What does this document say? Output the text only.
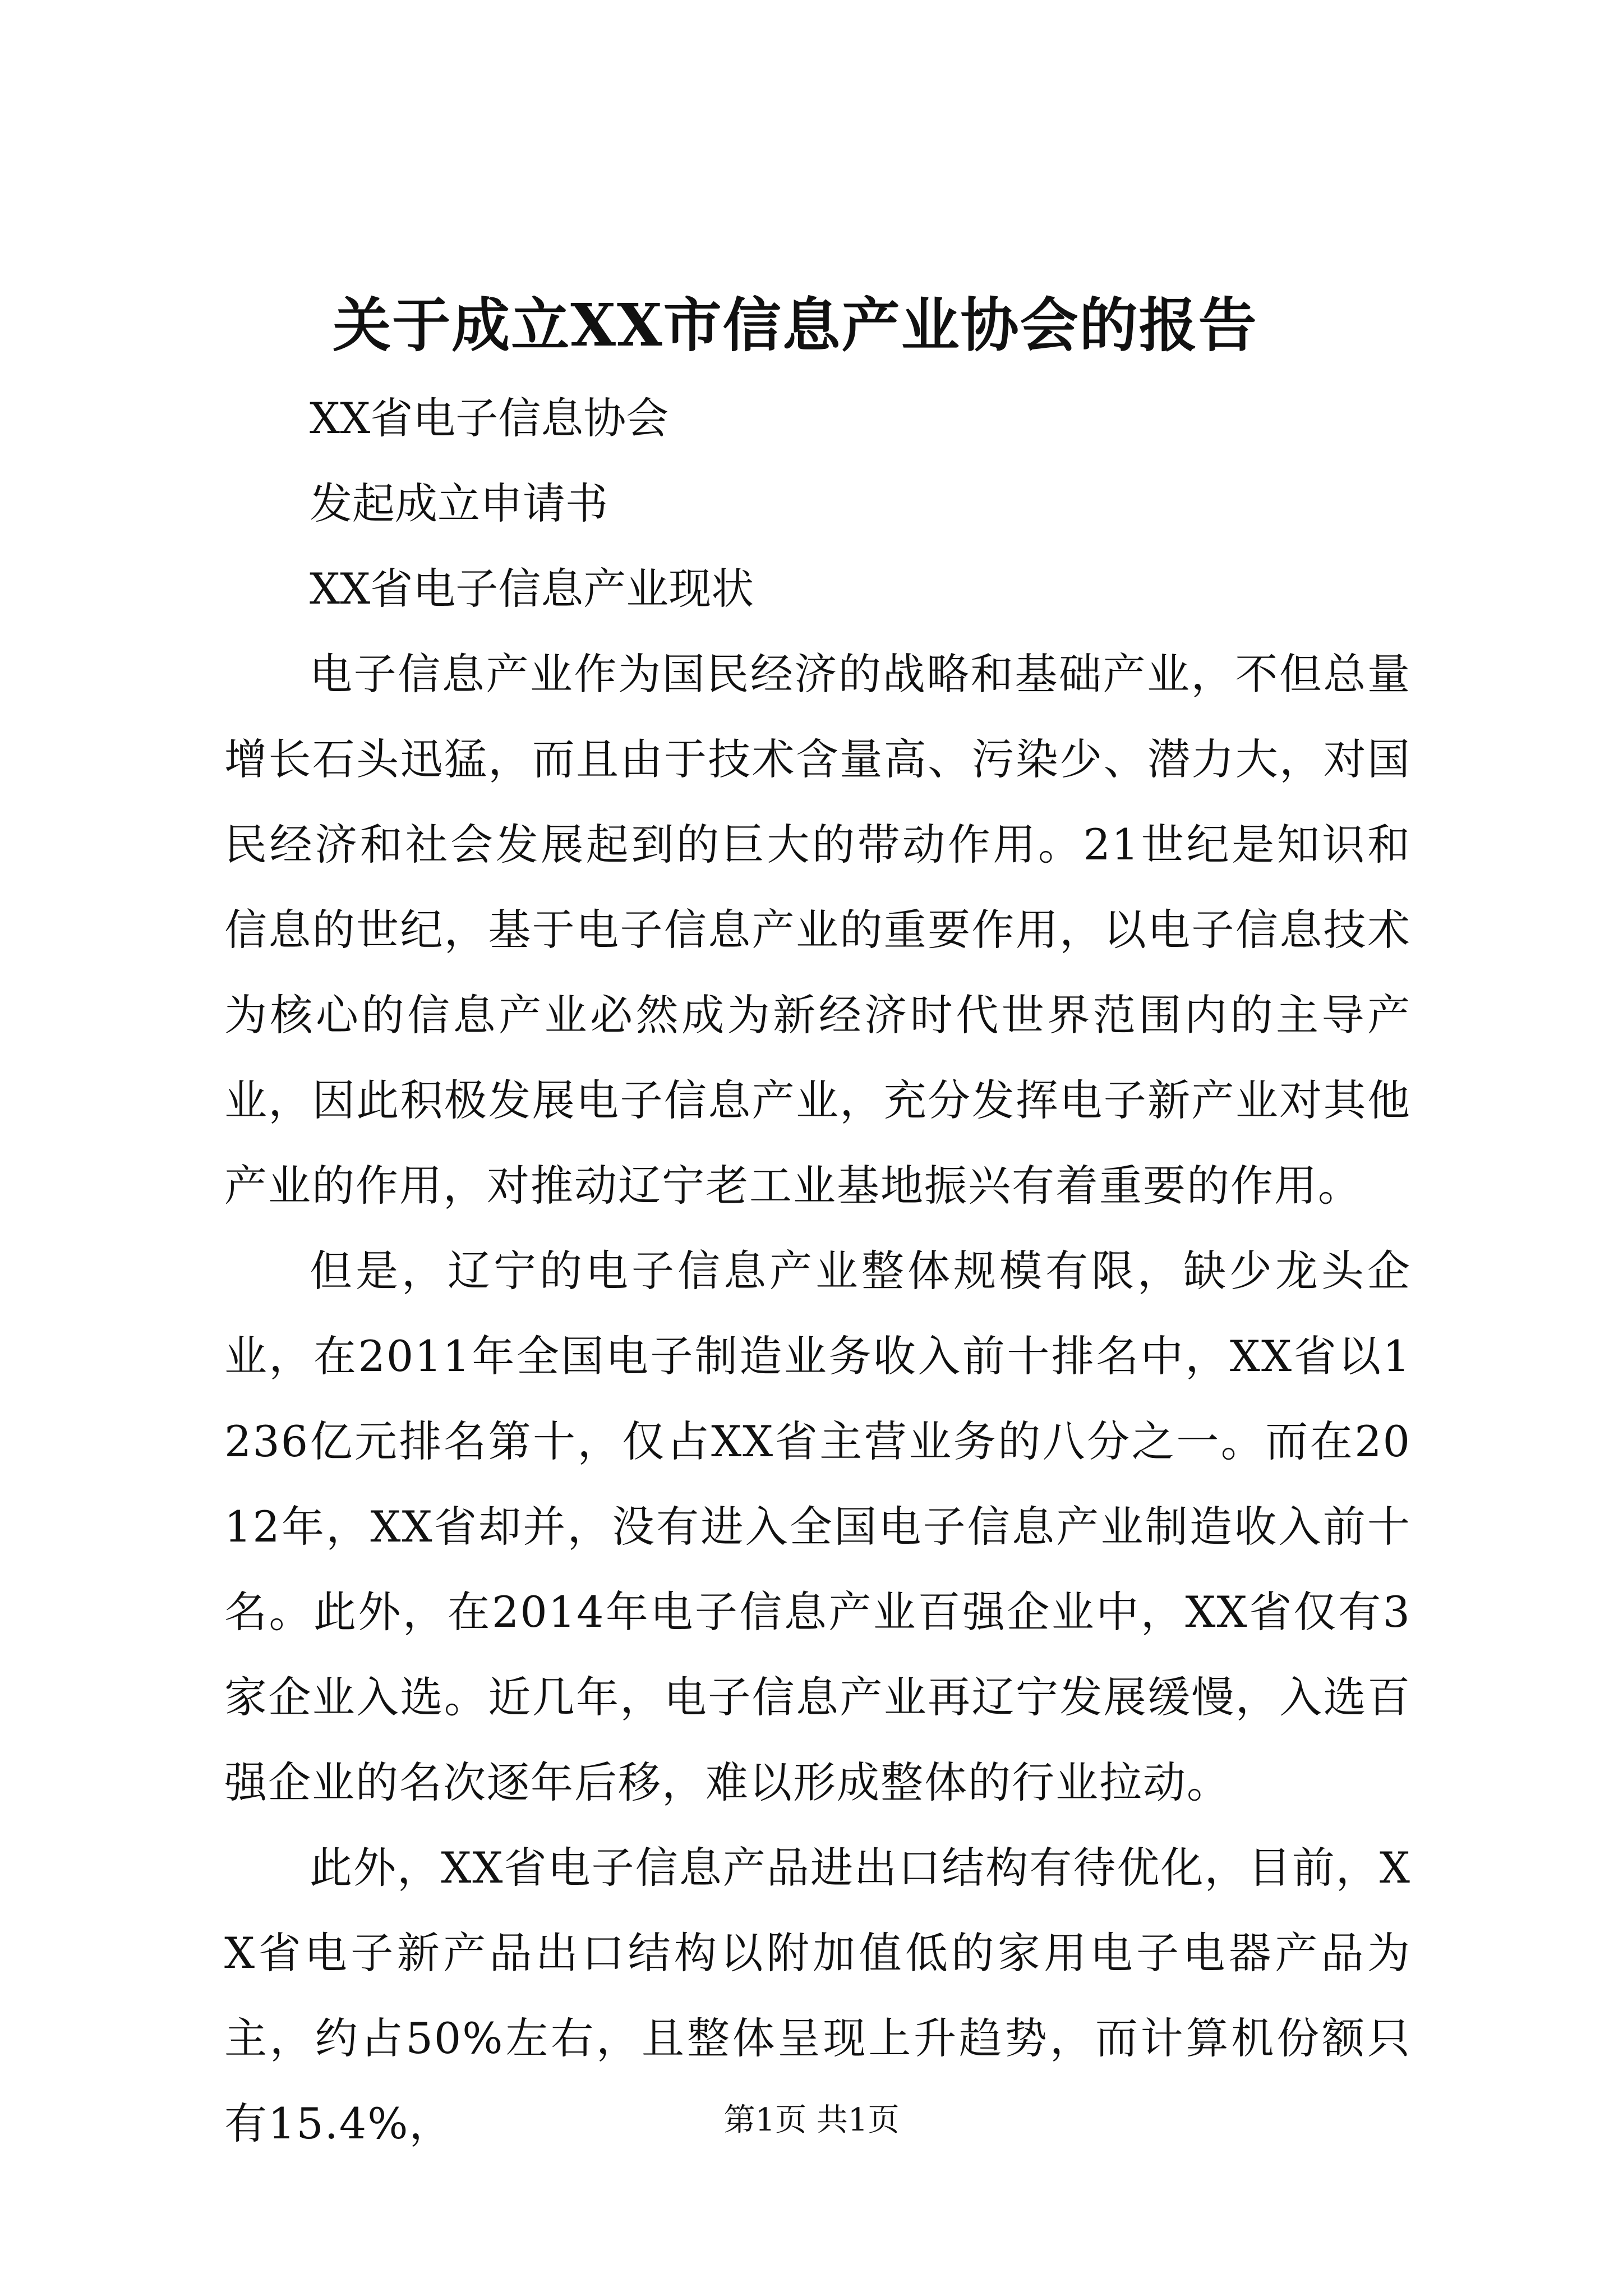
关于成立XX市信息产业协会的报告

XX省电子信息协会

发起成立申请书

XX省电子信息产业现状

电子信息产业作为国民经济的战略和基础产业，不但总量增长石头迅猛，而且由于技术含量高、污染少、潜力大，对国民经济和社会发展起到的巨大的带动作用。21世纪是知识和信息的世纪，基于电子信息产业的重要作用，以电子信息技术为核心的信息产业必然成为新经济时代世界范围内的主导产业，因此积极发展电子信息产业，充分发挥电子新产业对其他产业的作用，对推动辽宁老工业基地振兴有着重要的作用。

但是，辽宁的电子信息产业整体规模有限，缺少龙头企业，在2011年全国电子制造业务收入前十排名中，XX省以1236亿元排名第十，仅占XX省主营业务的八分之一。而在2012年，XX省却并，没有进入全国电子信息产业制造收入前十名。此外，在2014年电子信息产业百强企业中，XX省仅有3家企业入选。近几年，电子信息产业再辽宁发展缓慢，入选百强企业的名次逐年后移，难以形成整体的行业拉动。

此外，XX省电子信息产品进出口结构有待优化，目前，XX省电子新产品出口结构以附加值低的家用电子电器产品为主，约占50%左右，且整体呈现上升趋势，而计算机份额只有15.4%，	第1页 共1页
